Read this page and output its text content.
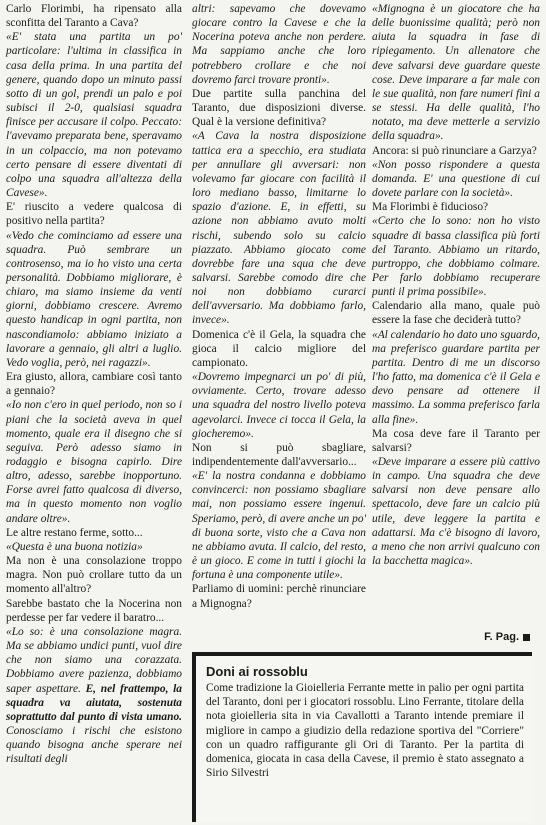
Carlo Florimbi, ha ripensato alla sconfitta del Taranto a Cava?

«E' stata una partita un po' particolare: l'ultima in classifica in casa della prima. In una partita del genere, quando dopo un minuto passi sotto di un gol, prendi un palo e poi subisci il 2-0, qualsiasi squadra finisce per accusare il colpo. Peccato: l'avevamo preparata bene, speravamo in un colpaccio, ma non potevamo certo pensare di essere diventati di colpo una squadra all'altezza della Cavese».

E' riuscito a vedere qualcosa di positivo nella partita?

«Vedo che cominciamo ad essere una squadra. Può sembrare un controsenso, ma io ho visto una certa personalità. Dobbiamo migliorare, è chiaro, ma siamo insieme da venti giorni, dobbiamo crescere. Avremo questo handicap in ogni partita, non nascondiamolo: abbiamo iniziato a lavorare a gennaio, gli altri a luglio. Vedo voglia, però, nei ragazzi».

Era giusto, allora, cambiare così tanto a gennaio?

«Io non c'ero in quel periodo, non so i piani che la società aveva in quel momento, quale era il disegno che si seguiva. Però adesso siamo in rodaggio e bisogna capirlo. Dire altro, adesso, sarebbe inopportuno. Forse avrei fatto qualcosa di diverso, ma in questo momento non voglio andare oltre».

Le altre restano ferme, sotto...

«Questa è una buona notizia»

Ma non è una consolazione troppo magra. Non può crollare tutto da un momento all'altro?

Sarebbe bastato che la Nocerina non perdesse per far vedere il baratro...

«Lo so: è una consolazione magra. Ma se abbiamo undici punti, vuol dire che non siamo una corazzata. Dobbiamo avere pazienza, dobbiamo saper aspettare. E, nel frattempo, la squadra va aiutata, sostenuta soprattutto dal punto di vista umano. Conosciamo i rischi che esistono quando bisogna anche sperare nei risultati degli

altri: sapevamo che dovevamo giocare contro la Cavese e che la Nocerina poteva anche non perdere. Ma sappiamo anche che loro potrebbero crollare e che noi dovremo farci trovare pronti».

Due partite sulla panchina del Taranto, due disposizioni diverse. Qual è la versione definitiva?

«A Cava la nostra disposizione tattica era a specchio, era studiata per annullare gli avversari: non volevamo far giocare con facilità il loro mediano basso, limitarne lo spazio d'azione. E, in effetti, su azione non abbiamo avuto molti rischi, subendo solo su calcio piazzato. Abbiamo giocato come dovrebbe fare una squa che deve salvarsi. Sarebbe comodo dire che noi non dobbiamo curarci dell'avversario. Ma dobbiamo farlo, invece».

Domenica c'è il Gela, la squadra che gioca il calcio migliore del campionato.

«Dovremo impegnarci un po' di più, ovviamente. Certo, trovare adesso una squadra del nostro livello poteva agevolarci. Invece ci tocca il Gela, la giocheremo».

Non si può sbagliare, indipendentemente dall'avversario...

«E' la nostra condanna e dobbiamo convincerci: non possiamo sbagliare mai, non possiamo essere ingenui. Speriamo, però, di avere anche un po' di buona sorte, visto che a Cava non ne abbiamo avuta. Il calcio, del resto, è un gioco. E come in tutti i giochi la fortuna è una componente utile».

Parliamo di uomini: perchè rinunciare a Mignogna?

«Mignogna è un giocatore che ha delle buonissime qualità; però non aiuta la squadra in fase di ripiegamento. Un allenatore che deve salvarsi deve guardare queste cose. Deve imparare a far male con le sue qualità, non fare numeri fini a se stessi. Ha delle qualità, l'ho notato, ma deve metterle a servizio della squadra».

Ancora: si può rinunciare a Garzya?

«Non posso rispondere a questa domanda. E' una questione di cui dovete parlare con la società».

Ma Florimbi è fiducioso?

«Certo che lo sono: non ho visto squadre di bassa classifica più forti del Taranto. Abbiamo un ritardo, purtroppo, che dobbiamo colmare. Per farlo dobbiamo recuperare punti il prima possibile».

Calendario alla mano, quale può essere la fase che deciderà tutto?

«Al calendario ho dato uno sguardo, ma preferisco guardare partita per partita. Dentro di me un discorso l'ho fatto, ma domenica c'è il Gela e devo pensare ad ottenere il massimo. La somma preferisco farla alla fine».

Ma cosa deve fare il Taranto per salvarsi?

«Deve imparare a essere più cattivo in campo. Una squadra che deve salvarsi non deve pensare allo spettacolo, deve fare un calcio più utile, deve leggere la partita e adattarsi. Ma c'è bisogno di lavoro, a meno che non arrivi qualcuno con la bacchetta magica».

F. Pag.
Doni ai rossoblu

Come tradizione la Gioielleria Ferrante mette in palio per ogni partita del Taranto, doni per i giocatori rossoblu. Lino Ferrante, titolare della nota gioielleria sita in via Cavallotti a Taranto intende premiare il migliore in campo a giudizio della redazione sportiva del "Corriere" con un quadro raffigurante gli Ori di Taranto. Per la partita di domenica, giocata in casa della Cavese, il premio è stato assegnato a Sirio Silvestri
